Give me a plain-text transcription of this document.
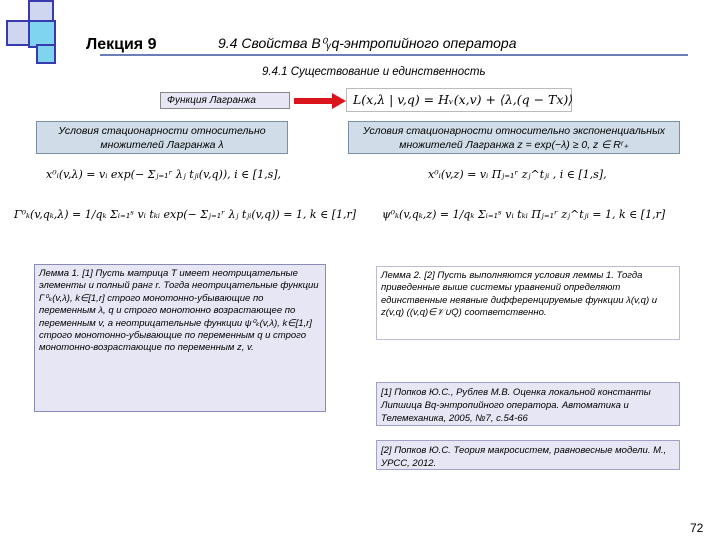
Лекция 9	9.4 Свойства B⁰ᵧq-энтропийного оператора
9.4.1 Существование и единственность
Функция Лагранжа	L(x,λ | v,q) = Hᵥ(x,v) + ⟨λ,(q − Tx)⟩
Условия стационарности относительно множителей Лагранжа λ
Условия стационарности относительно экспоненциальных множителей Лагранжа z = exp(−λ) ≥ 0, z ∈ Rʳ₊
x⁰ᵢ(v,λ) = vᵢ exp(− Σⱼ₌₁ʳ λⱼ tⱼᵢ(v,q)), i ∈ [1,s],
Γ⁰ₖ(v,qₖ,λ) = 1/qₖ Σᵢ₌₁ˢ vᵢ tₖᵢ exp(− Σⱼ₌₁ʳ λⱼ tⱼᵢ(v,q)) = 1, k ∈ [1,r]
x⁰ᵢ(v,z) = vᵢ Πⱼ₌₁ʳ zⱼ^tⱼᵢ , i ∈ [1,s],
ψ⁰ₖ(v,qₖ,z) = 1/qₖ Σᵢ₌₁ˢ vᵢ tₖᵢ Πⱼ₌₁ʳ zⱼ^tⱼᵢ = 1, k ∈ [1,r]
Лемма 1. [1] Пусть матрица T имеет неотрицательные элементы и полный ранг r. Тогда неотрицательные функции Γ⁰ₖ(v,λ), k∈[1,r] строго монотонно-убывающие по переменным λ, q и строго монотонно возрастающее по переменным v, а неотрицательные функции ψ⁰ₖ(v,λ), k∈[1,r] строго монотонно-убывающие по переменным q и строго монотонно-возрастающие по переменным z, v.
Лемма 2. [2] Пусть выполняются условия леммы 1. Тогда приведенные выше системы уравнений определяют единственные неявные дифференцируемые функции λ(v,q) и z(v,q) ((v,q)∈𝒱∪Q) соответственно.
[1] Попков Ю.С., Рублев М.В. Оценка локальной константы Липшица Bq-энтропийного оператора. Автоматика и Телемеханика, 2005, №7, с.54-66
[2] Попков Ю.С. Теория макросистем, равновесные модели. М., УРСС, 2012.
72
